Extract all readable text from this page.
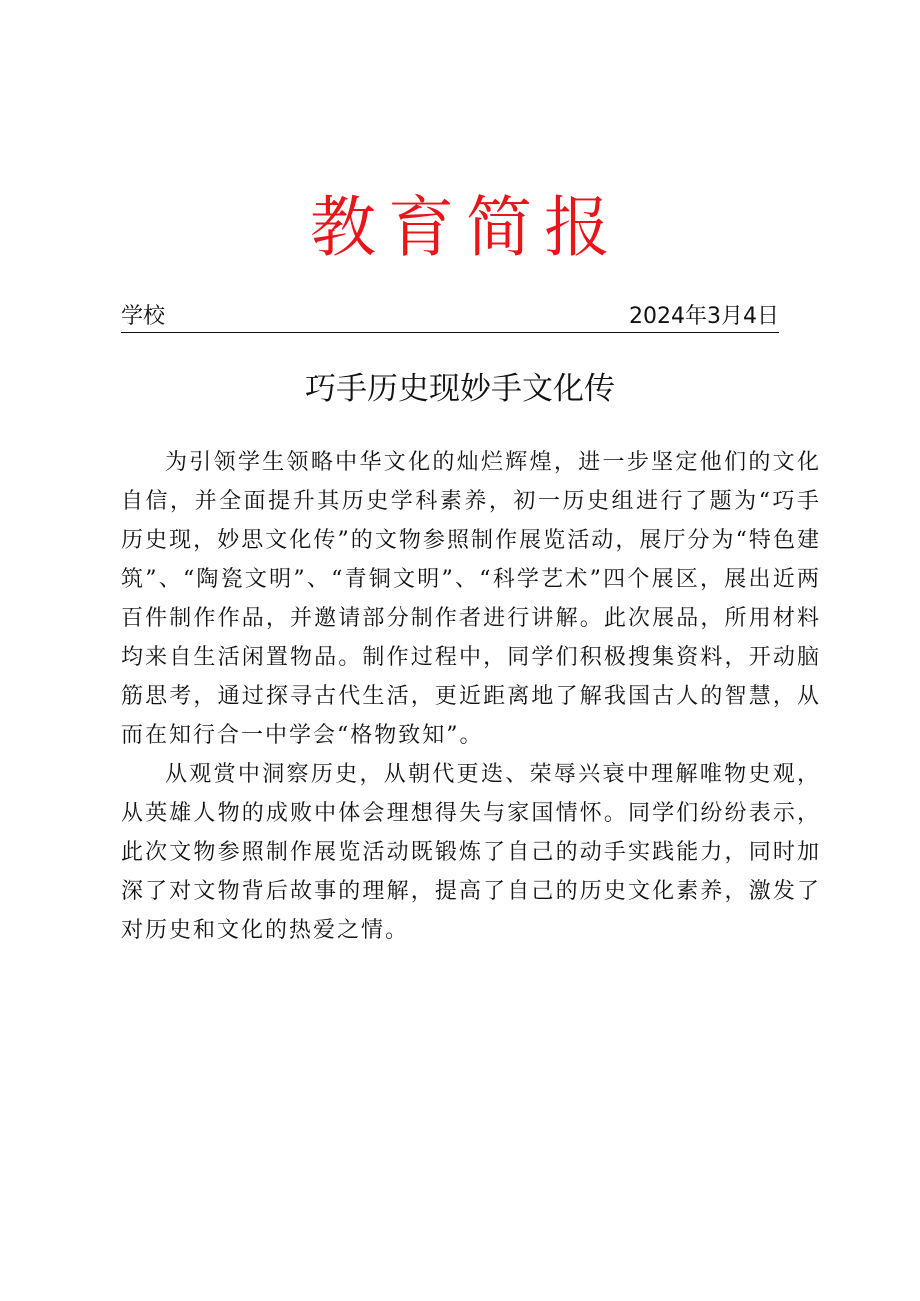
教育简报
学校	2024年3月4日
巧手历史现妙手文化传

为引领学生领略中华文化的灿烂辉煌，进一步坚定他们的文化自信，并全面提升其历史学科素养，初一历史组进行了题为“巧手历史现，妙思文化传”的文物参照制作展览活动，展厅分为“特色建筑”、“陶瓷文明”、“青铜文明”、“科学艺术”四个展区，展出近两百件制作作品，并邀请部分制作者进行讲解。此次展品，所用材料均来自生活闲置物品。制作过程中，同学们积极搜集资料，开动脑筋思考，通过探寻古代生活，更近距离地了解我国古人的智慧，从而在知行合一中学会“格物致知”。

从观赏中洞察历史，从朝代更迭、荣辱兴衰中理解唯物史观，从英雄人物的成败中体会理想得失与家国情怀。同学们纷纷表示，此次文物参照制作展览活动既锻炼了自己的动手实践能力，同时加深了对文物背后故事的理解，提高了自己的历史文化素养，激发了对历史和文化的热爱之情。
